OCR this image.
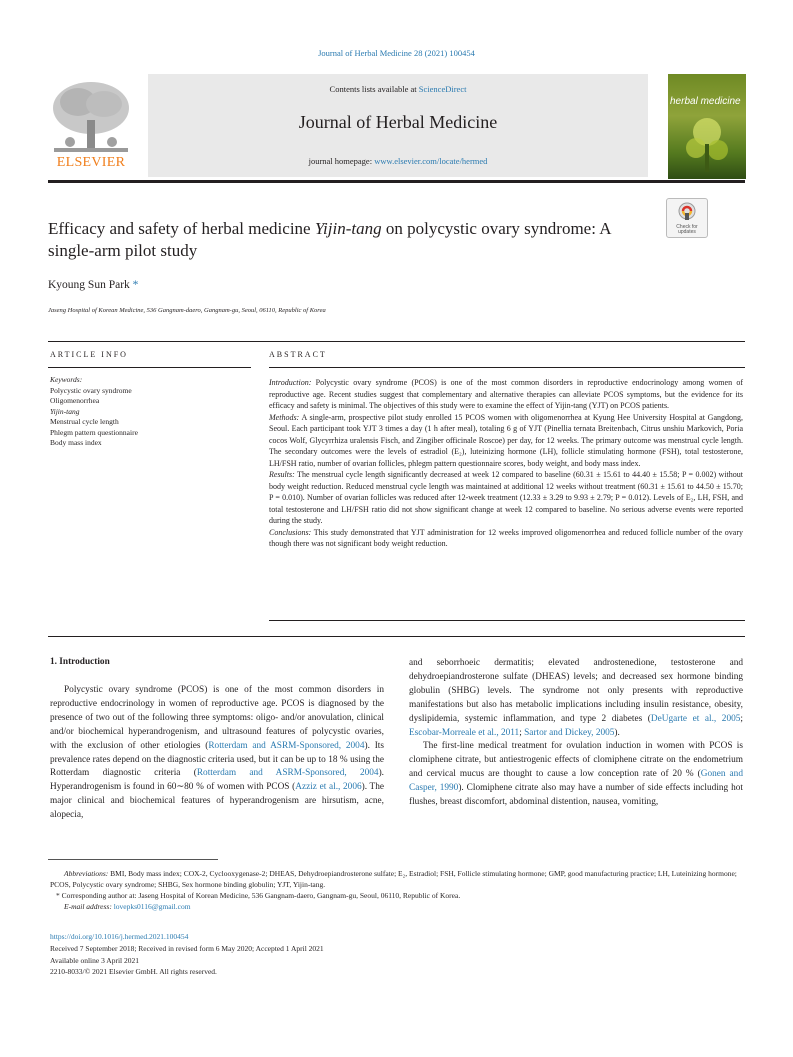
Journal of Herbal Medicine 28 (2021) 100454
Contents lists available at ScienceDirect
Journal of Herbal Medicine
journal homepage: www.elsevier.com/locate/hermed
ELSEVIER
herbal medicine
Efficacy and safety of herbal medicine Yijin-tang on polycystic ovary syndrome: A single-arm pilot study
Check for updates
Kyoung Sun Park *
Jaseng Hospital of Korean Medicine, 536 Gangnam-daero, Gangnam-gu, Seoul, 06110, Republic of Korea
ARTICLE INFO	ABSTRACT
Keywords:
Polycystic ovary syndrome
Oligomenorrhea
Yijin-tang
Menstrual cycle length
Phlegm pattern questionnaire
Body mass index

Introduction: Polycystic ovary syndrome (PCOS) is one of the most common disorders in reproductive endocrinology among women of reproductive age. Recent studies suggest that complementary and alternative therapies can alleviate PCOS symptoms, but the evidence for its efficacy and safety is minimal. The objectives of this study were to examine the effect of Yijin-tang (YJT) on PCOS patients.

Methods: A single-arm, prospective pilot study enrolled 15 PCOS women with oligomenorrhea at Kyung Hee University Hospital at Gangdong, Seoul. Each participant took YJT 3 times a day (1 h after meal), totaling 6 g of YJT (Pinellia ternata Breitenbach, Citrus unshiu Markovich, Poria cocos Wolf, Glycyrrhiza uralensis Fisch, and Zingiber officinale Roscoe) per day, for 12 weeks. The primary outcome was menstrual cycle length. The secondary outcomes were the levels of estradiol (E₂), luteinizing hormone (LH), follicle stimulating hormone (FSH), total testosterone, LH/FSH ratio, number of ovarian follicles, phlegm pattern questionnaire scores, body weight, and body mass index.

Results: The menstrual cycle length significantly decreased at week 12 compared to baseline (60.31 ± 15.61 to 44.40 ± 15.58; P = 0.002) without body weight reduction. Reduced menstrual cycle length was maintained at additional 12 weeks without treatment (60.31 ± 15.61 to 44.50 ± 15.70; P = 0.010). Number of ovarian follicles was reduced after 12-week treatment (12.33 ± 3.29 to 9.93 ± 2.79; P = 0.012). Levels of E₂, LH, FSH, and total testosterone and LH/FSH ratio did not show significant change at week 12 compared to baseline. No serious adverse events were reported during the study.

Conclusions: This study demonstrated that YJT administration for 12 weeks improved oligomenorrhea and reduced follicle number of the ovary though there was not significant body weight reduction.

1. Introduction

Polycystic ovary syndrome (PCOS) is one of the most common disorders in reproductive endocrinology in women of reproductive age. PCOS is diagnosed by the presence of two out of the following three symptoms: oligo- and/or anovulation, clinical and/or biochemical hyperandrogenism, and ultrasound features of polycystic ovaries, with the exclusion of other etiologies (Rotterdam and ASRM-Sponsored, 2004). Its prevalence rates depend on the diagnostic criteria used, but it can be up to 18 % using the Rotterdam diagnostic criteria (Rotterdam and ASRM-Sponsored, 2004). Hyperandrogenism is found in 60∼80 % of women with PCOS (Azziz et al., 2006). The major clinical and biochemical features of hyperandrogenism are hirsutism, acne, alopecia,

and seborrhoeic dermatitis; elevated androstenedione, testosterone and dehydroepiandrosterone sulfate (DHEAS) levels; and decreased sex hormone binding globulin (SHBG) levels. The syndrome not only presents with reproductive manifestations but also has metabolic implications including insulin resistance, obesity, dyslipidemia, systemic inflammation, and type 2 diabetes (DeUgarte et al., 2005; Escobar-Morreale et al., 2011; Sartor and Dickey, 2005).

The first-line medical treatment for ovulation induction in women with PCOS is clomiphene citrate, but antiestrogenic effects of clomiphene citrate on the endometrium and cervical mucus are thought to cause a low conception rate of 20 % (Gonen and Casper, 1990). Clomiphene citrate also may have a number of side effects including hot flushes, breast discomfort, abdominal distention, nausea, vomiting,

Abbreviations: BMI, Body mass index; COX-2, Cyclooxygenase-2; DHEAS, Dehydroepiandrosterone sulfate; E₂, Estradiol; FSH, Follicle stimulating hormone; GMP, good manufacturing practice; LH, Luteinizing hormone; PCOS, Polycystic ovary syndrome; SHBG, Sex hormone binding globulin; YJT, Yijin-tang.
* Corresponding author at: Jaseng Hospital of Korean Medicine, 536 Gangnam-daero, Gangnam-gu, Seoul, 06110, Republic of Korea.
E-mail address: lovepks0116@gmail.com
https://doi.org/10.1016/j.hermed.2021.100454
Received 7 September 2018; Received in revised form 6 May 2020; Accepted 1 April 2021
Available online 3 April 2021
2210-8033/© 2021 Elsevier GmbH. All rights reserved.
